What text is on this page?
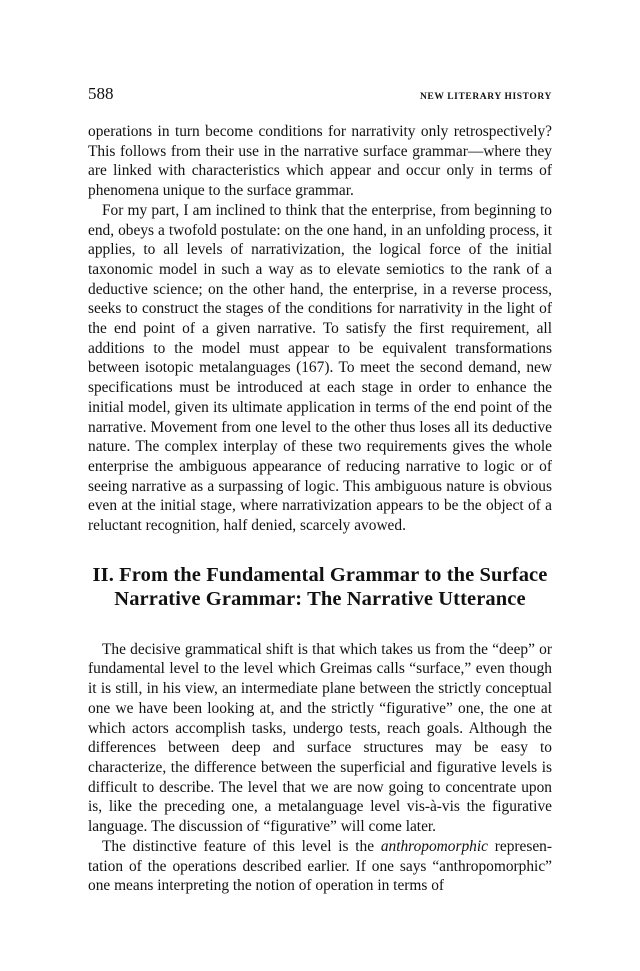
588	NEW LITERARY HISTORY

operations in turn become conditions for narrativity only retrospectively? This follows from their use in the narrative surface grammar—where they are linked with characteristics which appear and occur only in terms of phenomena unique to the surface grammar.

For my part, I am inclined to think that the enterprise, from beginning to end, obeys a twofold postulate: on the one hand, in an unfolding process, it applies, to all levels of narrativization, the logical force of the initial taxonomic model in such a way as to elevate semiotics to the rank of a deductive science; on the other hand, the enterprise, in a reverse process, seeks to construct the stages of the conditions for narrativity in the light of the end point of a given narrative. To satisfy the first requirement, all additions to the model must appear to be equivalent transformations between isotopic metalanguages (167). To meet the second demand, new specifications must be introduced at each stage in order to enhance the initial model, given its ultimate application in terms of the end point of the narrative. Movement from one level to the other thus loses all its deductive nature. The complex interplay of these two requirements gives the whole enterprise the ambiguous appearance of reducing narrative to logic or of seeing narrative as a surpassing of logic. This ambiguous nature is obvious even at the initial stage, where narrativization appears to be the object of a reluctant recognition, half denied, scarcely avowed.

II. From the Fundamental Grammar to the Surface
Narrative Grammar: The Narrative Utterance

The decisive grammatical shift is that which takes us from the “deep” or fundamental level to the level which Greimas calls “surface,” even though it is still, in his view, an intermediate plane between the strictly conceptual one we have been looking at, and the strictly “figurative” one, the one at which actors accomplish tasks, undergo tests, reach goals. Although the differences between deep and surface structures may be easy to characterize, the difference between the superficial and figurative levels is difficult to describe. The level that we are now going to concentrate upon is, like the preceding one, a metalanguage level vis-à-vis the figurative language. The discussion of “figurative” will come later.

The distinctive feature of this level is the anthropomorphic representation of the operations described earlier. If one says “anthropomorphic” one means interpreting the notion of operation in terms of
